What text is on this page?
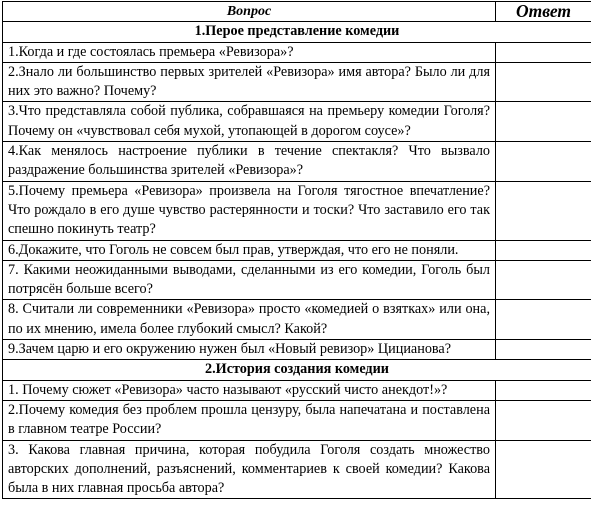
Вопрос	Ответ
1.Перое представление комедии	
1.Когда и где состоялась премьера «Ревизора»?	
2.Знало ли большинство первых зрителей «Ревизора» имя автора? Было ли для них это важно? Почему?	
3.Что представляла собой публика, собравшаяся на премьеру комедии Гоголя? Почему он «чувствовал себя мухой, утопающей в дорогом соусе»?	
4.Как менялось настроение публики в течение спектакля? Что вызвало раздражение большинства зрителей «Ревизора»?	
5.Почему премьера «Ревизора» произвела на Гоголя тягостное впечатление? Что рождало в его душе чувство растерянности и тоски? Что заставило его так спешно покинуть театр?	
6.Докажите, что Гоголь не совсем был прав, утверждая, что его не поняли.	
7. Какими неожиданными выводами, сделанными из его комедии, Гоголь был потрясён больше всего?	
8. Считали ли современники «Ревизора» просто «комедией о взятках» или она, по их мнению, имела более глубокий смысл? Какой?	
9.Зачем царю и его окружению нужен был «Новый ревизор» Цицианова?	
2.История создания комедии	
1. Почему сюжет «Ревизора» часто называют «русский чисто анекдот!»?	
2.Почему комедия без проблем прошла цензуру, была напечатана и поставлена в главном театре России?	
3. Какова главная причина, которая побудила Гоголя создать множество авторских дополнений, разъяснений, комментариев к своей комедии? Какова была в них главная просьба автора?	
